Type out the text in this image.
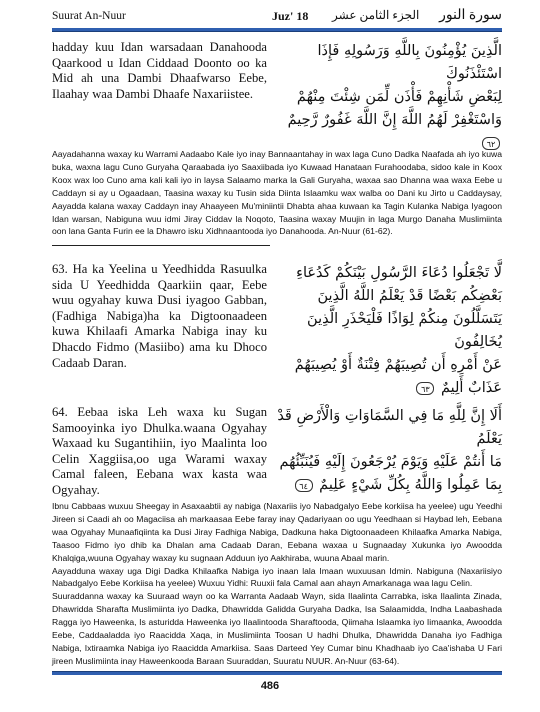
Suurat An-Nuur	Juz' 18 الجزء الثامن عشر سورة النور
hadday kuu Idan warsadaan Danahooda Qaarkood u Idan Ciddaad Doonto oo ka Mid ah una Dambi Dhaafwarso Eebe, Ilaahay waa Dambi Dhaafe Naxariistee.
الَّذِينَ يُؤْمِنُونَ بِاللَّهِ وَرَسُولِهِ فَإِذَا اسْتَئْذَنُوكَ
لِبَعْضِ شَأْنِهِمْ فَأْذَن لِّمَن شِئْتَ مِنْهُمْ
وَاسْتَغْفِرْ لَهُمُ اللَّهَ إِنَّ اللَّهَ غَفُورٌ رَّحِيمٌ ٦٢

Aayadahanna waxay ku Warrami Aadaabo Kale iyo inay Bannaantahay in wax laga Cuno Dadka Naafada ah iyo kuwa buka, waxna lagu Cuno Guryaha Qaraabada iyo Saaxiibada iyo Kuwaad Hanataan Furahoodaba, sidoo kale in Koox Koox wax loo Cuno ama kali kali iyo in laysa Salaamo marka la Gali Guryaha, waxaa sao Dhanna waa waxa Eebe u Caddayn si ay u Ogaadaan, Taasina waxay ku Tusin sida Diinta Islaamku wax walba oo Dani ku Jirto u Caddaysay, Aayadda kalana waxay Caddayn inay Ahaayeen Mu'miniintii Dhabta ahaa kuwaan ka Tagin Kulanka Nabiga Iyagoon Idan warsan, Nabiguna wuu idmi Jiray Ciddav la Noqoto, Taasina waxay Muujin in laga Murgo Danaha Muslimiinta oon lana Ganta Furin ee la Dhawro isku Xidhnaantooda iyo Danahooda. An-Nuur (61-62).

63. Ha ka Yeelina u Yeedhidda Rasuulka sida U Yeedhidda Qaarkiin qaar, Eebe wuu ogyahay kuwa Dusi iyagoo Gabban,(Fadhiga Nabiga)ha ka Digtoonaadeen kuwa Khilaafi Amarka Nabiga inay ku Dhacdo Fidmo (Masiibo) ama ku Dhoco Cadaab Daran.
لَّا تَجْعَلُوا دُعَاءَ الرَّسُولِ بَيْنَكُمْ كَدُعَاءِ
بَعْضِكُم بَعْضًا قَدْ يَعْلَمُ اللَّهُ الَّذِينَ
يَتَسَلَّلُونَ مِنكُمْ لِوَاذًا فَلْيَحْذَرِ الَّذِينَ يُخَالِفُونَ
عَنْ أَمْرِهِ أَن تُصِيبَهُمْ فِتْنَةٌ أَوْ يُصِيبَهُمْ
عَذَابٌ أَلِيمٌ ٦٣
64. Eebaa iska Leh waxa ku Sugan Samooyinka iyo Dhulka.waana Ogyahay Waxaad ku Sugantihiin, iyo Maalinta loo Celin Xaggiisa,oo uga Warami waxay Camal faleen, Eebana wax kasta waa Ogyahay.
أَلَا إِنَّ لِلَّهِ مَا فِي السَّمَاوَاتِ وَالْأَرْضِ قَدْ يَعْلَمُ
مَا أَنتُمْ عَلَيْهِ وَيَوْمَ يُرْجَعُونَ إِلَيْهِ فَيُنَبِّئُهُم
بِمَا عَمِلُوا وَاللَّهُ بِكُلِّ شَيْءٍ عَلِيمٌ ٦٤

Ibnu Cabbaas wuxuu Sheegay in Asaxaabtii ay nabiga (Naxariis iyo Nabadgalyo Eebe korkiisa ha yeelee) ugu Yeedhi Jireen si Caadi ah oo Magaciisa ah markaasaa Eebe faray inay Qadariyaan oo ugu Yeedhaan si Haybad leh, Eebana waa Ogyahay Munaafiqiinta ka Dusi Jiray Fadhiga Nabiga, Dadkuna haka Digtoonaadeen Khilaafka Amarka Nabiga, Taasoo Fidmo iyo dhib ka Dhalan ama Cadaab Daran, Eebana waxaa u Sugnaaday Xukunka iyo Awoodda Khalqiga,wuuna Ogyahay waxay ku sugnaan Adduun iyo Aakhiraba, wuuna Abaal marin.

Aayadduna waxay uga Digi Dadka Khilaafka Nabiga iyo inaan lala Imaan wuxuusan Idmin. Nabiguna (Naxariisiyo Nabadgalyo Eebe Korkiisa ha yeelee) Wuxuu Yidhi: Ruuxii fala Camal aan ahayn Amarkanaga waa lagu Celin.

Suuraddanna waxay ka Suuraad wayn oo ka Warranta Aadaab Wayn, sida Ilaalinta Carrabka, iska Ilaalinta Zinada, Dhawridda Sharafta Muslimiinta iyo Dadka, Dhawridda Galidda Guryaha Dadka, Isa Salaamidda, Indha Laabashada Ragga iyo Haweenka, Is asturidda Haweenka iyo Ilaalintooda Sharaftooda, Qiimaha Islaamka iyo Iimaanka, Awoodda Eebe, Caddaaladda iyo Raacidda Xaqa, in Muslimiinta Toosan U hadhi Dhulka, Dhawridda Danaha iyo Fadhiga Nabiga, Ixtiraamka Nabiga iyo Raacidda Amarkiisa. Saas Darteed Yey Cumar binu Khadhaab iyo Caa'ishaba U Fari jireen Muslimiinta inay Haweenkooda Baraan Suuraddan, Suuratu NUUR. An-Nuur (63-64).

486
